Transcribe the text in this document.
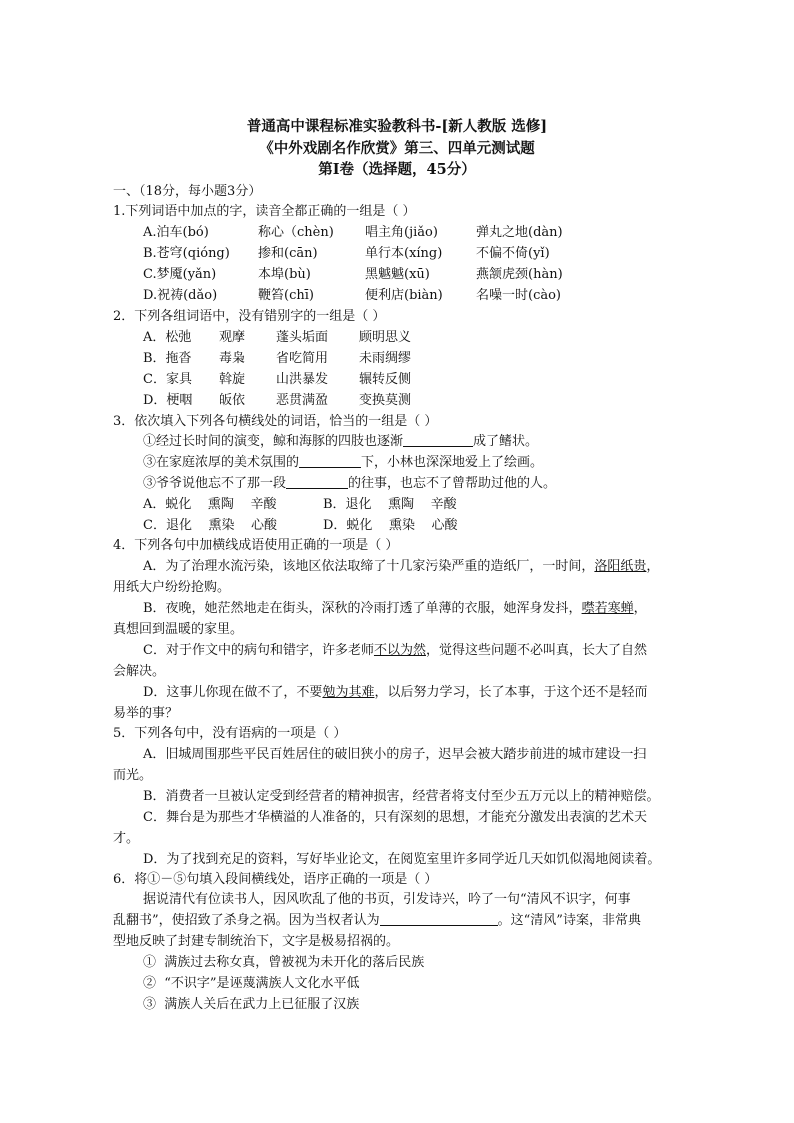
普通高中课程标准实验教科书-[新人教版 选修]
《中外戏剧名作欣赏》第三、四单元测试题
第Ⅰ卷（选择题，45分）
一、（18分，每小题3分）
1.下列词语中加点的字，读音全都正确的一组是（ ）
A.泊车(bó)	称心（chèn) 唱主角(jiǎo)	弹丸之地(dàn)
B.苍穹(qióng) 掺和(cān)	单行本(xíng)	不偏不倚(yǐ)
C.梦魇(yǎn)	本埠(bù)	黑魆魆(xū)	燕颔虎颈(hàn)
D.祝祷(dǎo)	鞭笞(chī)	便利店(biàn)	名噪一时(cào)
2．下列各组词语中，没有错别字的一组是（ ）
A．松弛 观摩 蓬头垢面 顾明思义
B．拖沓 毒枭 省吃简用 未雨绸缪
C．家具 斡旋 山洪暴发 辗转反侧
D．梗咽 皈依 恶贯满盈 变换莫测
3．依次填入下列各句横线处的词语，恰当的一组是（ ）
①经过长时间的演变，鲸和海豚的四肢也逐渐	成了鳍状。
③在家庭浓厚的美术氛围的	下，小林也深深地爱上了绘画。
③爷爷说他忘不了那一段	的往事，也忘不了曾帮助过他的人。
A．蜕化    熏陶    辛酸	B．退化    熏陶    辛酸
C．退化    熏染    心酸	D．蜕化    熏染    心酸
4．下列各句中加横线成语使用正确的一项是（ ）
A．为了治理水流污染，该地区依法取缔了十几家污染严重的造纸厂，一时间，洛阳纸贵，
用纸大户纷纷抢购。
B．夜晚，她茫然地走在街头，深秋的冷雨打透了单薄的衣服，她浑身发抖，噤若寒蝉，
真想回到温暖的家里。
C．对于作文中的病句和错字，许多老师不以为然，觉得这些问题不必叫真，长大了自然
会解决。
D．这事儿你现在做不了，不要勉为其难，以后努力学习，长了本事，于这个还不是轻而
易举的事？
5．下列各句中，没有语病的一项是（ ）
A．旧城周围那些平民百姓居住的破旧狭小的房子，迟早会被大踏步前进的城市建设一扫
而光。
B．消费者一旦被认定受到经营者的精神损害，经营者将支付至少五万元以上的精神赔偿。
C．舞台是为那些才华横溢的人准备的，只有深刻的思想，才能充分激发出表演的艺术天
才。
D．为了找到充足的资料，写好毕业论文，在阅览室里许多同学近几天如饥似渴地阅读着。
6．将①－⑤句填入段间横线处，语序正确的一项是（ ）
据说清代有位读书人，因风吹乱了他的书页，引发诗兴，吟了一句“清风不识字，何事
乱翻书”，使招致了杀身之祸。因为当权者认为	。这“清风”诗案，非常典
型地反映了封建专制统治下，文字是极易招祸的。
①  满族过去称女真，曾被视为未开化的落后民族
②  “不识字”是诬蔑满族人文化水平低
③  满族人关后在武力上已征服了汉族
